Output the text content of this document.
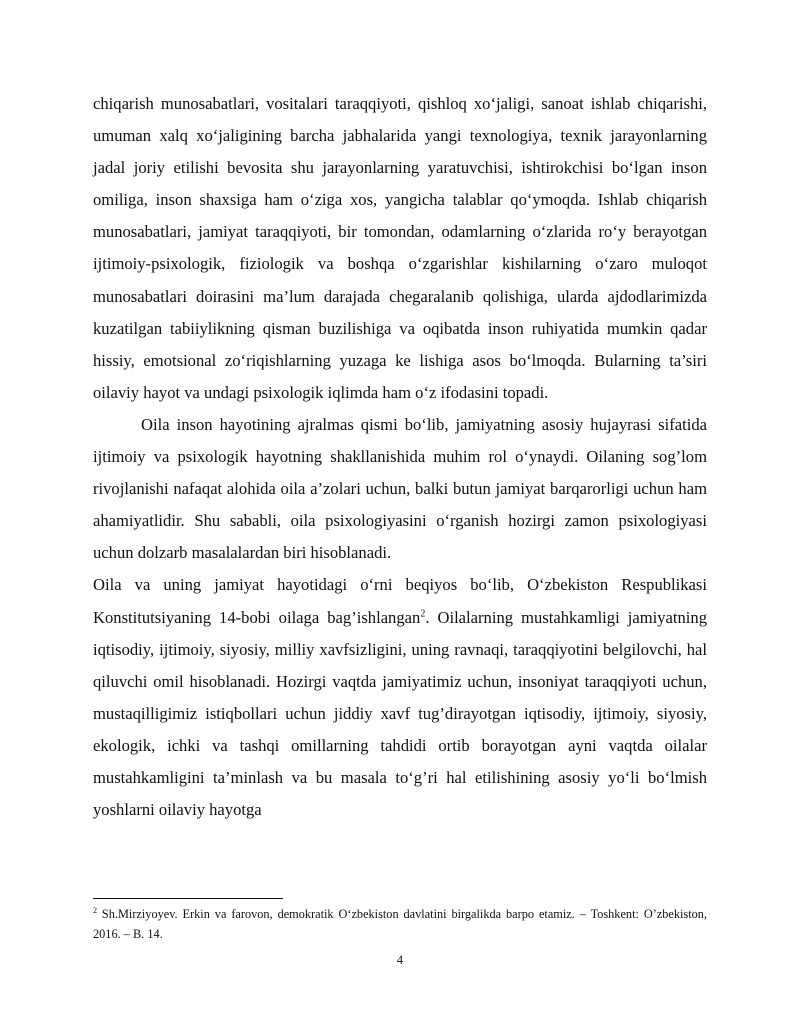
chiqarish munosabatlari, vositalari taraqqiyoti, qishloq xo‘jaligi, sanoat ishlab chiqarishi, umuman xalq xo‘jaligining barcha jabhalarida yangi texnologiya, texnik jarayonlarning jadal joriy etilishi bevosita shu jarayonlarning yaratuvchisi, ishtirokchisi bo‘lgan inson omiliga, inson shaxsiga ham o‘ziga xos, yangicha talablar qo‘ymoqda. Ishlab chiqarish munosabatlari, jamiyat taraqqiyoti, bir tomondan, odamlarning o‘zlarida ro‘y berayotgan ijtimoiy-psixologik, fiziologik va boshqa o‘zgarishlar kishilarning o‘zaro muloqot munosabatlari doirasini ma’lum darajada chegaralanib qolishiga, ularda ajdodlarimizda kuzatilgan tabiiylikning qisman buzilishiga va oqibatda inson ruhiyatida mumkin qadar hissiy, emotsional zo‘riqishlarning yuzaga ke lishiga asos bo‘lmoqda. Bularning ta’siri oilaviy hayot va undagi psixologik iqlimda ham o‘z ifodasini topadi.

Oila inson hayotining ajralmas qismi bo‘lib, jamiyatning asosiy hujayrasi sifatida ijtimoiy va psixologik hayotning shakllanishida muhim rol o‘ynaydi. Oilaning sog’lom rivojlanishi nafaqat alohida oila a’zolari uchun, balki butun jamiyat barqarorligi uchun ham ahamiyatlidir. Shu sababli, oila psixologiyasini o‘rganish hozirgi zamon psixologiyasi uchun dolzarb masalalardan biri hisoblanadi.

Oila va uning jamiyat hayotidagi o‘rni beqiyos bo‘lib, O‘zbekiston Respublikasi Konstitutsiyaning 14-bobi oilaga bag’ishlangan$^2$. Oilalarning mustahkamligi jamiyatning iqtisodiy, ijtimoiy, siyosiy, milliy xavfsizligini, uning ravnaqi, taraqqiyotini belgilovchi, hal qiluvchi omil hisoblanadi. Hozirgi vaqtda jamiyatimiz uchun, insoniyat taraqqiyoti uchun, mustaqilligimiz istiqbollari uchun jiddiy xavf tug’dirayotgan iqtisodiy, ijtimoiy, siyosiy, ekologik, ichki va tashqi omillarning tahdidi ortib borayotgan ayni vaqtda oilalar mustahkamligini ta’minlash va bu masala to‘g’ri hal etilishining asosiy yo‘li bo‘lmish yoshlarni oilaviy hayotga

$^2$ Sh.Mirziyoyev. Erkin va farovon, demokratik O‘zbekiston davlatini birgalikda barpo etamiz. – Toshkent: O’zbekiston, 2016. – B. 14.
4
